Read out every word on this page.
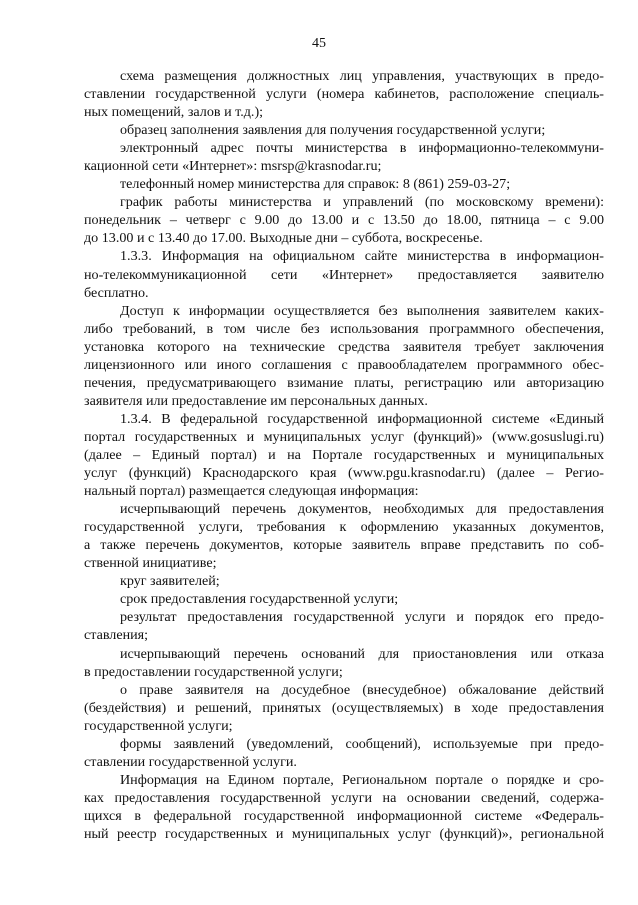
45
схема размещения должностных лиц управления, участвующих в предо-
ставлении государственной услуги (номера кабинетов, расположение специаль-
ных помещений, залов и т.д.);
образец заполнения заявления для получения государственной услуги;
электронный адрес почты министерства в информационно-телекоммуни-
кационной сети «Интернет»: msrsp@krasnodar.ru;
телефонный номер министерства для справок: 8 (861) 259-03-27;
график работы министерства и управлений (по московскому времени):
понедельник – четверг с 9.00 до 13.00 и с 13.50 до 18.00, пятница – с 9.00
до 13.00 и с 13.40 до 17.00. Выходные дни – суббота, воскресенье.
1.3.3. Информация на официальном сайте министерства в информацион-
но-телекоммуникационной сети «Интернет» предоставляется заявителю
бесплатно.
Доступ к информации осуществляется без выполнения заявителем каких-
либо требований, в том числе без использования программного обеспечения,
установка которого на технические средства заявителя требует заключения
лицензионного или иного соглашения с правообладателем программного обес-
печения, предусматривающего взимание платы, регистрацию или авторизацию
заявителя или предоставление им персональных данных.
1.3.4. В федеральной государственной информационной системе «Единый
портал государственных и муниципальных услуг (функций)» (www.gosuslugi.ru)
(далее – Единый портал) и на Портале государственных и муниципальных
услуг (функций) Краснодарского края (www.pgu.krasnodar.ru) (далее – Регио-
нальный портал) размещается следующая информация:
исчерпывающий перечень документов, необходимых для предоставления
государственной услуги, требования к оформлению указанных документов,
а также перечень документов, которые заявитель вправе представить по соб-
ственной инициативе;
круг заявителей;
срок предоставления государственной услуги;
результат предоставления государственной услуги и порядок его предо-
ставления;
исчерпывающий перечень оснований для приостановления или отказа
в предоставлении государственной услуги;
о праве заявителя на досудебное (внесудебное) обжалование действий
(бездействия) и решений, принятых (осуществляемых) в ходе предоставления
государственной услуги;
формы заявлений (уведомлений, сообщений), используемые при предо-
ставлении государственной услуги.
Информация на Едином портале, Региональном портале о порядке и сро-
ках предоставления государственной услуги на основании сведений, содержа-
щихся в федеральной государственной информационной системе «Федераль-
ный реестр государственных и муниципальных услуг (функций)», региональной
